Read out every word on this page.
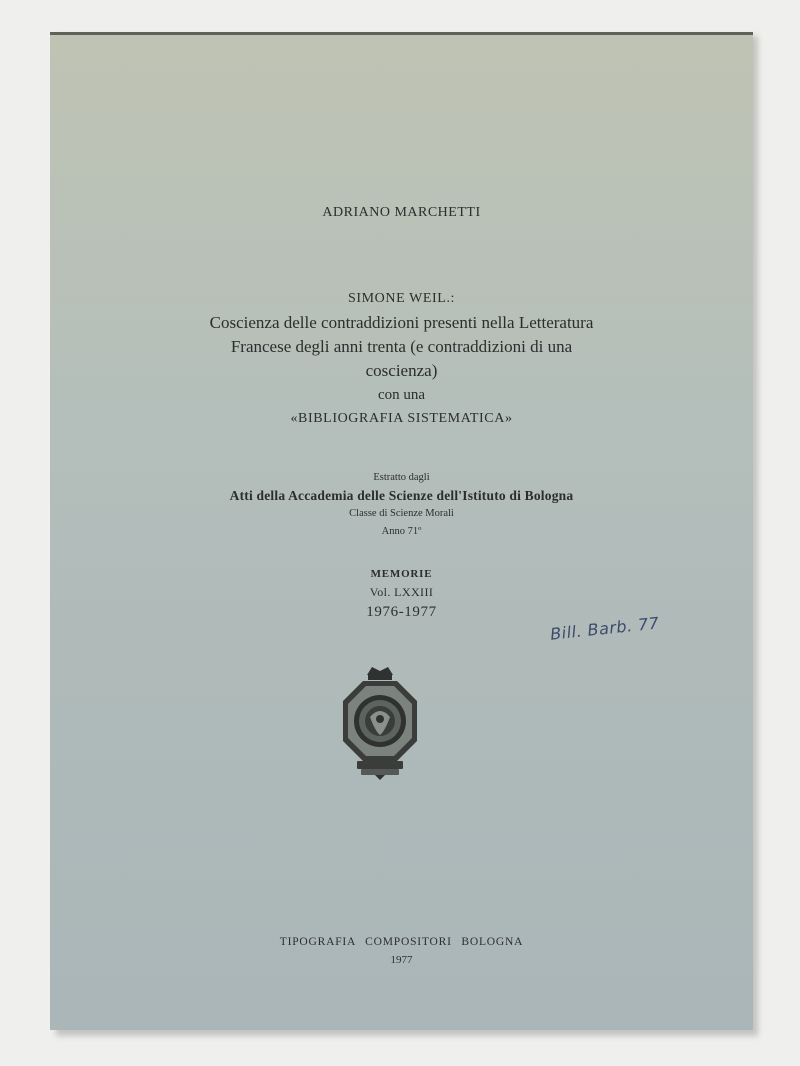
ADRIANO MARCHETTI
SIMONE WEIL.:
Coscienza delle contraddizioni presenti nella Letteratura
Francese degli anni trenta (e contraddizioni di una
coscienza)
con una
«BIBLIOGRAFIA SISTEMATICA»
Estratto dagli
Atti della Accademia delle Scienze dell'Istituto di Bologna
Classe di Scienze Morali
Anno 71º
MEMORIE
Vol. LXXIII
1976-1977
Bill. Barb. 77
TIPOGRAFIA COMPOSITORI BOLOGNA
1977
